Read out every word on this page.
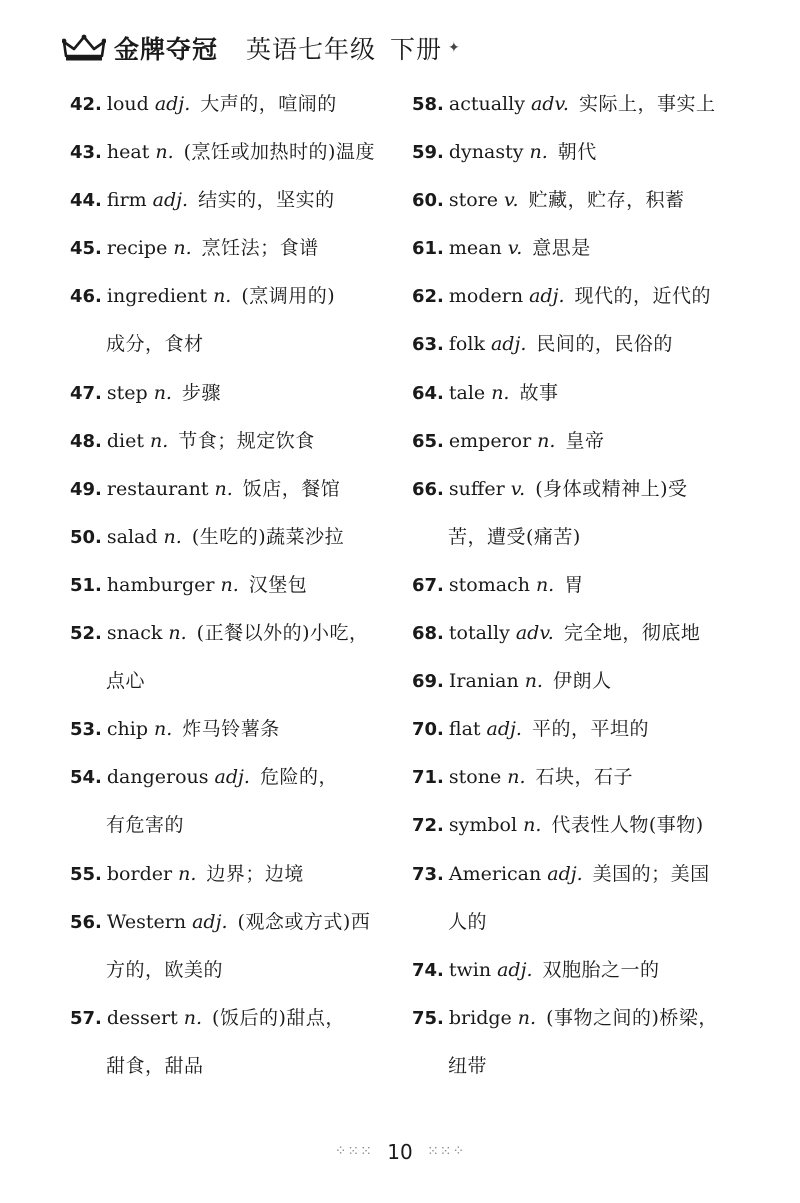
金牌夺冠 英语七年级 下册 ✦
42. loud adj. 大声的，喧闹的
43. heat n. (烹饪或加热时的)温度
44. firm adj. 结实的，坚实的
45. recipe n. 烹饪法；食谱
46. ingredient n. (烹调用的)
成分，食材
47. step n. 步骤
48. diet n. 节食；规定饮食
49. restaurant n. 饭店，餐馆
50. salad n. (生吃的)蔬菜沙拉
51. hamburger n. 汉堡包
52. snack n. (正餐以外的)小吃，
点心
53. chip n. 炸马铃薯条
54. dangerous adj. 危险的，
有危害的
55. border n. 边界；边境
56. Western adj. (观念或方式)西
方的，欧美的
57. dessert n. (饭后的)甜点，
甜食，甜品
58. actually adv. 实际上，事实上
59. dynasty n. 朝代
60. store v. 贮藏，贮存，积蓄
61. mean v. 意思是
62. modern adj. 现代的，近代的
63. folk adj. 民间的，民俗的
64. tale n. 故事
65. emperor n. 皇帝
66. suffer v. (身体或精神上)受
苦，遭受(痛苦)
67. stomach n. 胃
68. totally adv. 完全地，彻底地
69. Iranian n. 伊朗人
70. flat adj. 平的，平坦的
71. stone n. 石块，石子
72. symbol n. 代表性人物(事物)
73. American adj. 美国的；美国
人的
74. twin adj. 双胞胎之一的
75. bridge n. (事物之间的)桥梁，
纽带
⁘⁙⁙ 10 ⁙⁙⁘
